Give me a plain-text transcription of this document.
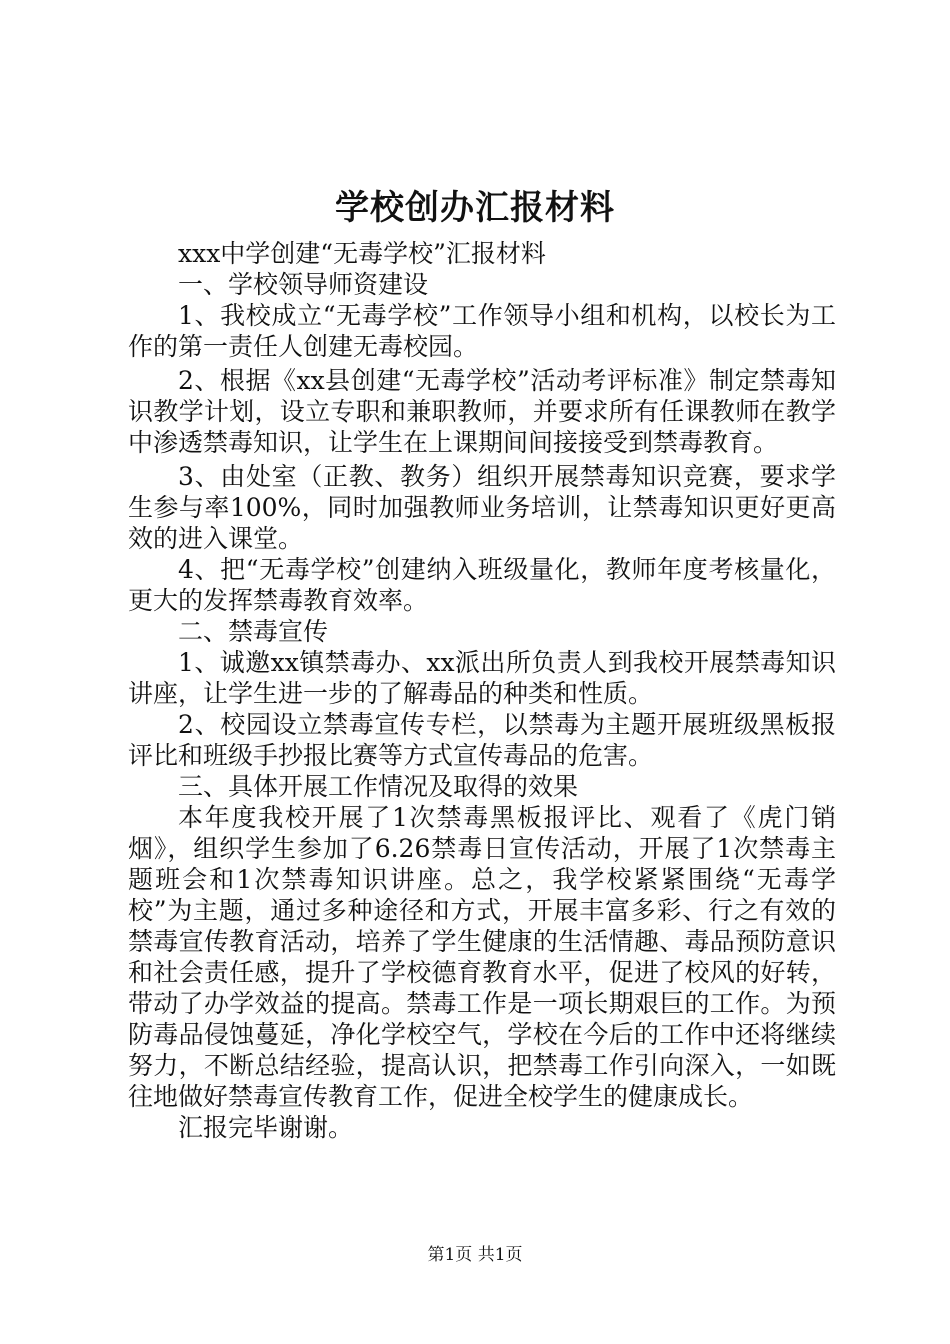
学校创办汇报材料

xxx中学创建“无毒学校”汇报材料

一、学校领导师资建设

1、我校成立“无毒学校”工作领导小组和机构，以校长为工作的第一责任人创建无毒校园。

2、根据《xx县创建“无毒学校”活动考评标准》制定禁毒知识教学计划，设立专职和兼职教师，并要求所有任课教师在教学中渗透禁毒知识，让学生在上课期间间接接受到禁毒教育。

3、由处室（正教、教务）组织开展禁毒知识竞赛，要求学生参与率100%，同时加强教师业务培训，让禁毒知识更好更高效的进入课堂。

4、把“无毒学校”创建纳入班级量化，教师年度考核量化，更大的发挥禁毒教育效率。

二、禁毒宣传

1、诚邀xx镇禁毒办、xx派出所负责人到我校开展禁毒知识讲座，让学生进一步的了解毒品的种类和性质。

2、校园设立禁毒宣传专栏，以禁毒为主题开展班级黑板报评比和班级手抄报比赛等方式宣传毒品的危害。

三、具体开展工作情况及取得的效果

本年度我校开展了1次禁毒黑板报评比、观看了《虎门销烟》，组织学生参加了6.26禁毒日宣传活动，开展了1次禁毒主题班会和1次禁毒知识讲座。总之，我学校紧紧围绕“无毒学校”为主题，通过多种途径和方式，开展丰富多彩、行之有效的禁毒宣传教育活动，培养了学生健康的生活情趣、毒品预防意识和社会责任感，提升了学校德育教育水平，促进了校风的好转，带动了办学效益的提高。禁毒工作是一项长期艰巨的工作。为预防毒品侵蚀蔓延，净化学校空气，学校在今后的工作中还将继续努力，不断总结经验，提高认识，把禁毒工作引向深入，一如既往地做好禁毒宣传教育工作，促进全校学生的健康成长。

汇报完毕谢谢。

第1页 共1页
